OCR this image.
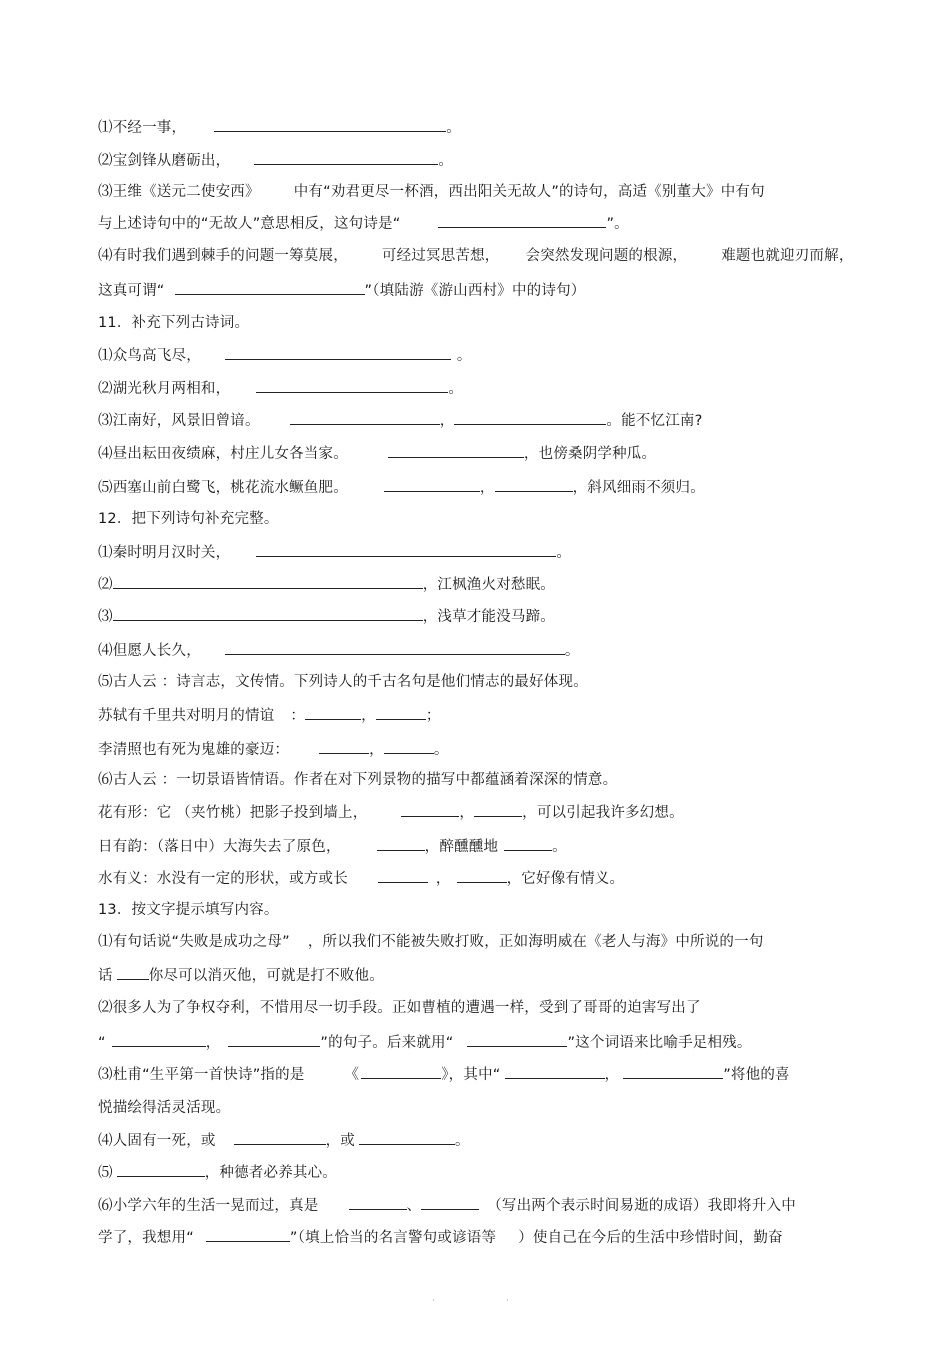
⑴不经一事，	。
⑵宝剑锋从磨砺出，	。
⑶王维《送元二使安西》 中有“劝君更尽一杯酒，西出阳关无故人”的诗句，高适《别董大》中有句
与上述诗句中的“无故人”意思相反，这句诗是“	”。
⑷有时我们遇到棘手的问题一筹莫展， 可经过冥思苦想， 会突然发现问题的根源， 难题也就迎刃而解，
这真可谓“	”（填陆游《游山西村》中的诗句）
11．补充下列古诗词。
⑴众鸟高飞尽，	。
⑵湖光秋月两相和，	。
⑶江南好，风景旧曾谙。	，	。能不忆江南?
⑷昼出耘田夜绩麻，村庄儿女各当家。	，也傍桑阴学种瓜。
⑸西塞山前白鹭飞，桃花流水鳜鱼肥。	，	，斜风细雨不须归。
12．把下列诗句补充完整。
⑴秦时明月汉时关，	。
⑵	，江枫渔火对愁眠。
⑶	，浅草才能没马蹄。
⑷但愿人长久，	。
⑸古人云 ：诗言志，文传情。下列诗人的千古名句是他们情志的最好体现。
苏轼有千里共对明月的情谊 ：	，	；
李清照也有死为鬼雄的豪迈：	，	。
⑹古人云 ：一切景语皆情语。作者在对下列景物的描写中都蕴涵着深深的情意。
花有形：它 （夹竹桃）把影子投到墙上，	，	，可以引起我许多幻想。
日有韵：（落日中）大海失去了原色，	，醉醺醺地	。
水有义：水没有一定的形状，或方或长	，	，它好像有情义。
13．按文字提示填写内容。
⑴有句话说“失败是成功之母” ，所以我们不能被失败打败，正如海明威在《老人与海》中所说的一句
话 你尽可以消灭他，可就是打不败他。
⑵很多人为了争权夺利，不惜用尽一切手段。正如曹植的遭遇一样，受到了哥哥的迫害写出了
“	，	”的句子。后来就用“	”这个词语来比喻手足相残。
⑶杜甫“生平第一首快诗”指的是	《	》，其中“	，	”将他的喜
悦描绘得活灵活现。
⑷人固有一死，或	，或	。
⑸	，种德者必养其心。
⑹小学六年的生活一晃而过，真是	、	（写出两个表示时间易逝的成语）我即将升入中
学了，我想用“	”（填上恰当的名言警句或谚语等 ）使自己在今后的生活中珍惜时间，勤奋
·	·
